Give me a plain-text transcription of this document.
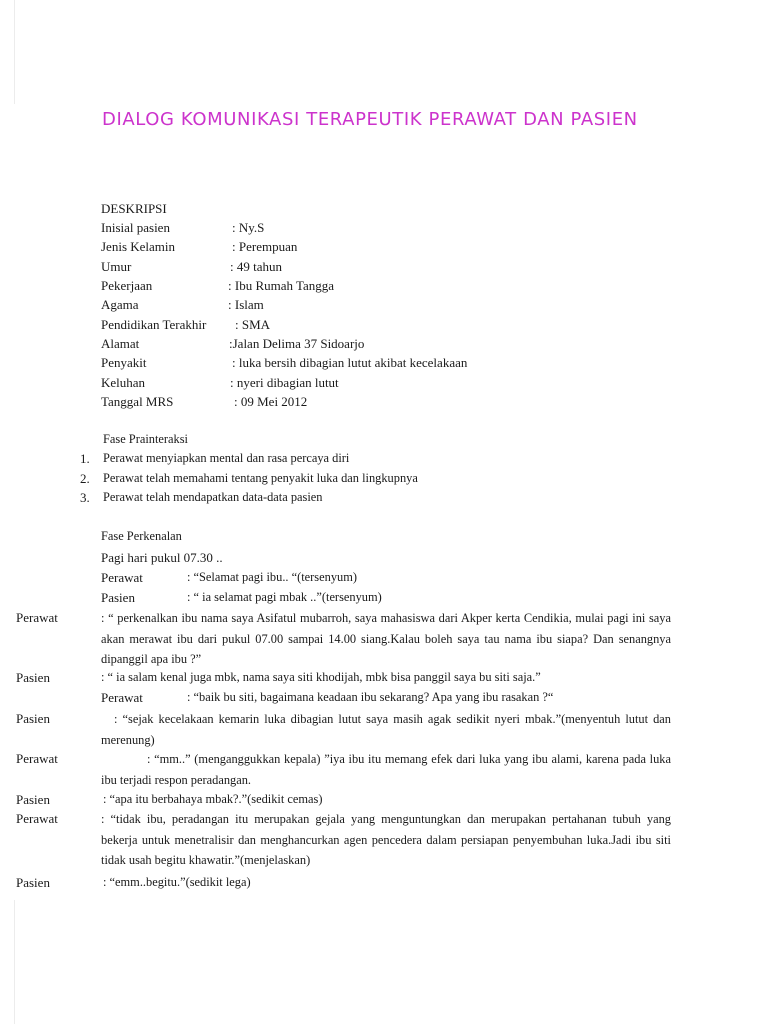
DIALOG KOMUNIKASI TERAPEUTIK PERAWAT DAN PASIEN
DESKRIPSI
Inisial pasien	: Ny.S
Jenis Kelamin	: Perempuan
Umur	: 49 tahun
Pekerjaan	: Ibu Rumah Tangga
Agama	: Islam
Pendidikan Terakhir : SMA
Alamat	:Jalan Delima 37 Sidoarjo
Penyakit	: luka bersih dibagian lutut akibat kecelakaan
Keluhan	: nyeri dibagian lutut
Tanggal MRS	: 09 Mei 2012
Fase Prainteraksi
1. Perawat menyiapkan mental dan rasa percaya diri
2. Perawat telah memahami tentang penyakit luka dan lingkupnya
3. Perawat telah mendapatkan data-data pasien
Fase Perkenalan
Pagi hari pukul 07.30 ..
Perawat	: “Selamat pagi ibu.. “(tersenyum)
Pasien	: “ ia selamat pagi mbak ..”(tersenyum)
Perawat	: “ perkenalkan ibu nama saya Asifatul mubarroh, saya mahasiswa dari Akper kerta Cendikia, mulai pagi ini saya akan merawat ibu dari pukul 07.00 sampai 14.00 siang.Kalau boleh saya tau nama ibu siapa? Dan senangnya dipanggil apa ibu ?”
Pasien	: “ ia salam kenal juga mbk, nama saya siti khodijah, mbk bisa panggil saya bu siti saja.”
Perawat	: “baik bu siti, bagaimana keadaan ibu sekarang? Apa yang ibu rasakan ?“
Pasien	: “sejak kecelakaan kemarin luka dibagian lutut saya masih agak sedikit nyeri mbak.”(menyentuh lutut dan merenung)
Perawat	: “mm..” (menganggukkan kepala) ”iya ibu itu memang efek dari luka yang ibu alami, karena pada luka ibu terjadi respon peradangan.
Pasien	: “apa itu berbahaya mbak?.”(sedikit cemas)
Perawat	: “tidak ibu, peradangan itu merupakan gejala yang menguntungkan dan merupakan pertahanan tubuh yang bekerja untuk menetralisir dan menghancurkan agen pencedera dalam persiapan penyembuhan luka.Jadi ibu siti tidak usah begitu khawatir.”(menjelaskan)
Pasien	: “emm..begitu.”(sedikit lega)
